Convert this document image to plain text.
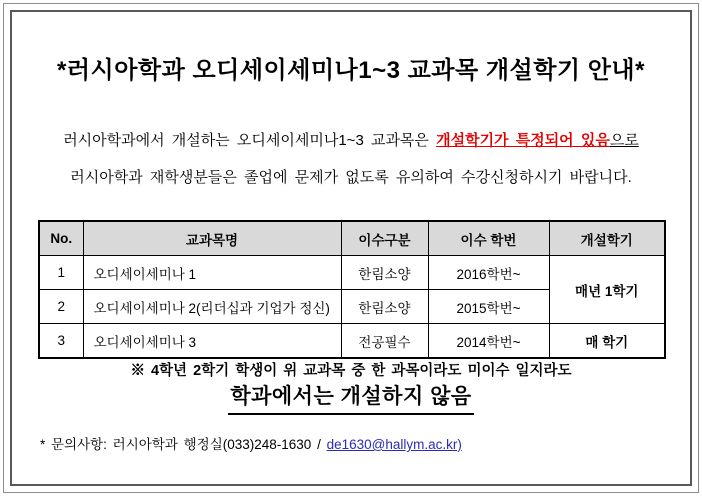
*러시아학과 오디세이세미나1~3 교과목 개설학기 안내*
러시아학과에서 개설하는 오디세이세미나1~3 교과목은 개설학기가 특정되어 있음으로
러시아학과 재학생분들은 졸업에 문제가 없도록 유의하여 수강신청하시기 바랍니다.
No.	교과목명	이수구분	이수 학번	개설학기
1	오디세이세미나 1	한림소양	2016학번~	매년 1학기
2	오디세이세미나 2(리더십과 기업가 정신)	한림소양	2015학번~	
3	오디세이세미나 3	전공필수	2014학번~	매 학기
※ 4학년 2학기 학생이 위 교과목 중 한 과목이라도 미이수 일지라도
학과에서는 개설하지 않음
* 문의사항: 러시아학과 행정실(033)248-1630 / de1630@hallym.ac.kr)
